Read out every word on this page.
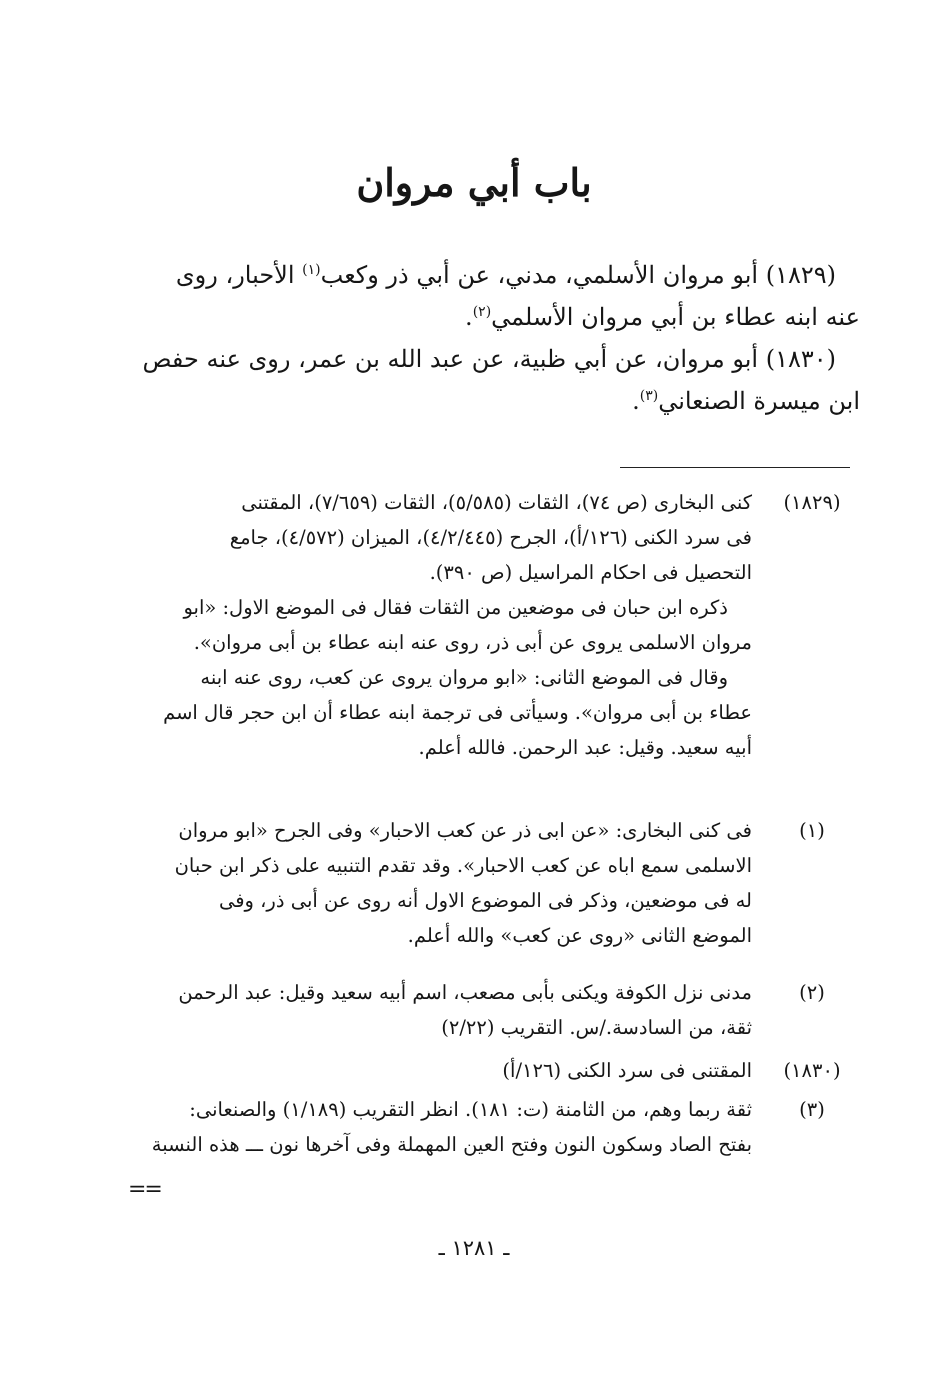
باب أبي مروان

(١٨٢٩) أبو مروان الأسلمي، مدني، عن أبي ذر وكعب$^{(١)}$ الأحبار، روى
عنه ابنه عطاء بن أبي مروان الأسلمي$^{(٢)}$.

(١٨٣٠) أبو مروان، عن أبي ظبية، عن عبد الله بن عمر، روى عنه حفص
ابن ميسرة الصنعاني$^{(٣)}$.

(١٨٢٩)

كنى البخارى (ص ٧٤)، الثقات (٥/٥٨٥)، الثقات (٧/٦٥٩)، المقتنى
فى سرد الكنى (١٢٦/أ)، الجرح (٤/٢/٤٤٥)، الميزان (٤/٥٧٢)، جامع
التحصيل فى احكام المراسيل (ص ٣٩٠).

ذكره ابن حبان فى موضعين من الثقات فقال فى الموضع الاول: «ابو
مروان الاسلمى يروى عن أبى ذر، روى عنه ابنه عطاء بن أبى مروان».

وقال فى الموضع الثانى: «ابو مروان يروى عن كعب، روى عنه ابنه
عطاء بن أبى مروان». وسيأتى فى ترجمة ابنه عطاء أن ابن حجر قال اسم
أبيه سعيد. وقيل: عبد الرحمن. فالله أعلم.

(١)

فى كنى البخارى: «عن ابى ذر عن كعب الاحبار» وفى الجرح «ابو مروان
الاسلمى سمع اباه عن كعب الاحبار». وقد تقدم التنبيه على ذكر ابن حبان
له فى موضعين، وذكر فى الموضوع الاول أنه روى عن أبى ذر، وفى
الموضع الثانى «روى عن كعب» والله أعلم.

(٢)

مدنى نزل الكوفة ويكنى بأبى مصعب، اسم أبيه سعيد وقيل: عبد الرحمن
ثقة، من السادسة./س. التقريب (٢/٢٢)

(١٨٣٠)

المقتنى فى سرد الكنى (١٢٦/أ)

(٣)

ثقة ربما وهم، من الثامنة (ت: ١٨١). انظر التقريب (١/١٨٩) والصنعانى:
بفتح الصاد وسكون النون وفتح العين المهملة وفى آخرها نون ـــ هذه النسبة

==
ـ ١٢٨١ ـ
